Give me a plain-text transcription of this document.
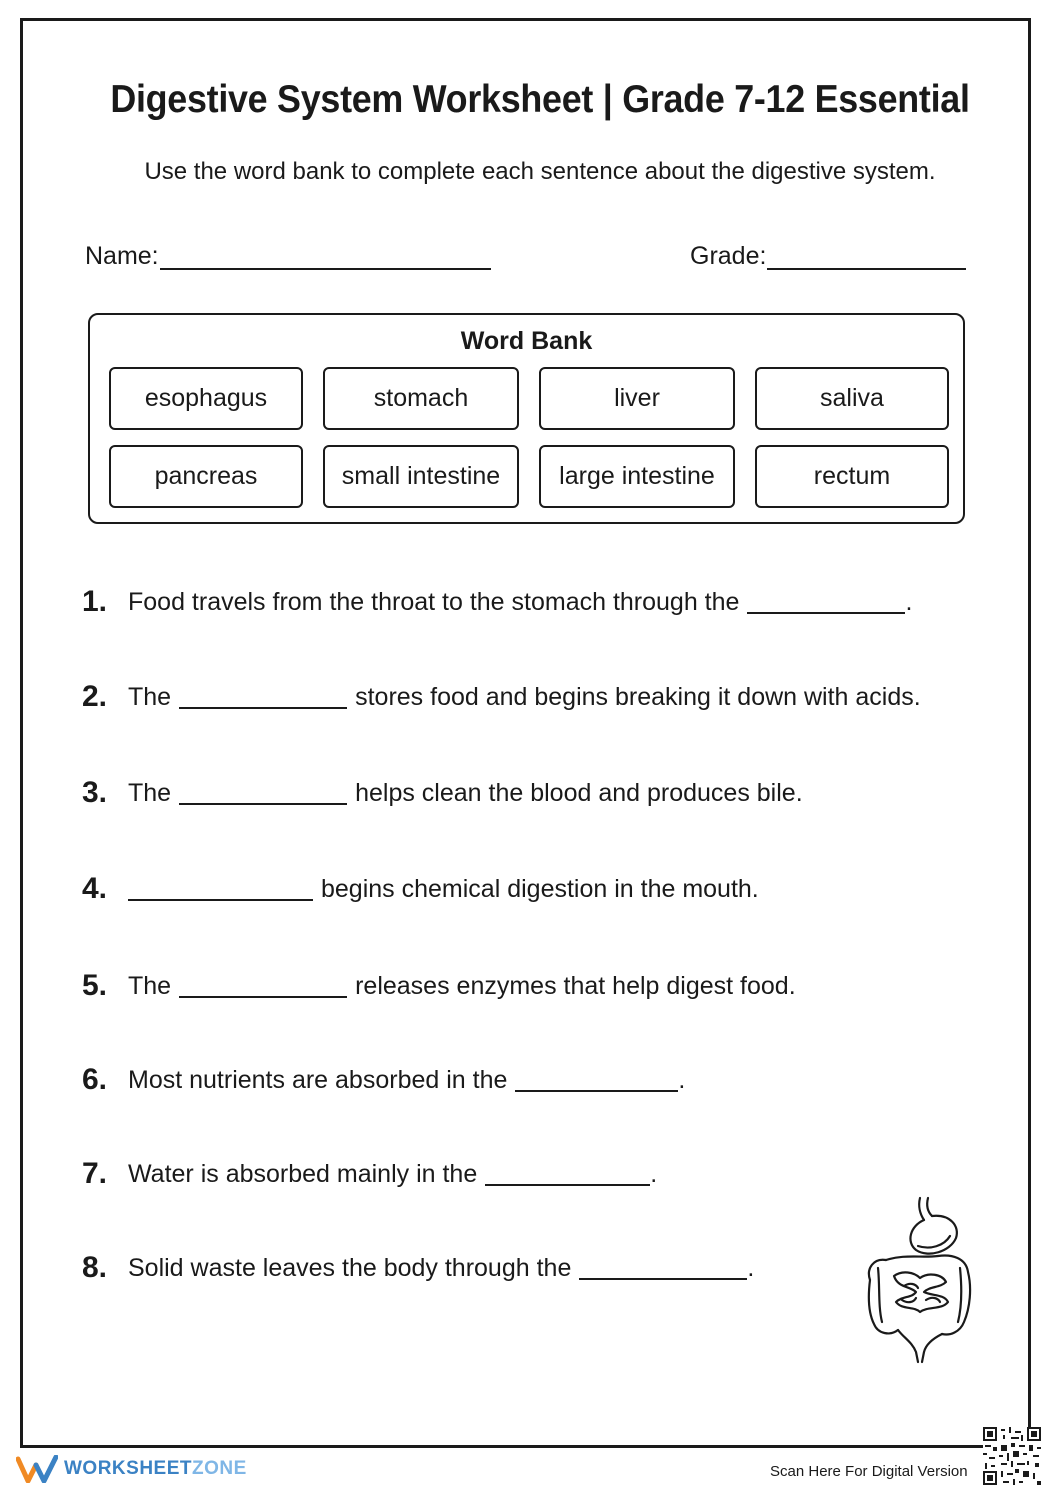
Digestive System Worksheet | Grade 7-12 Essential
Use the word bank to complete each sentence about the digestive system.
Name:	Grade:
Word Bank
esophagus	stomach	liver	saliva
pancreas	small intestine	large intestine	rectum
1. Food travels from the throat to the stomach through the	.
2. The	stores food and begins breaking it down with acids.
3. The	helps clean the blood and produces bile.
4.	begins chemical digestion in the mouth.
5. The	releases enzymes that help digest food.
6. Most nutrients are absorbed in the	.
7. Water is absorbed mainly in the	.
8. Solid waste leaves the body through the	.
WORKSHEETZONE	Scan Here For Digital Version
